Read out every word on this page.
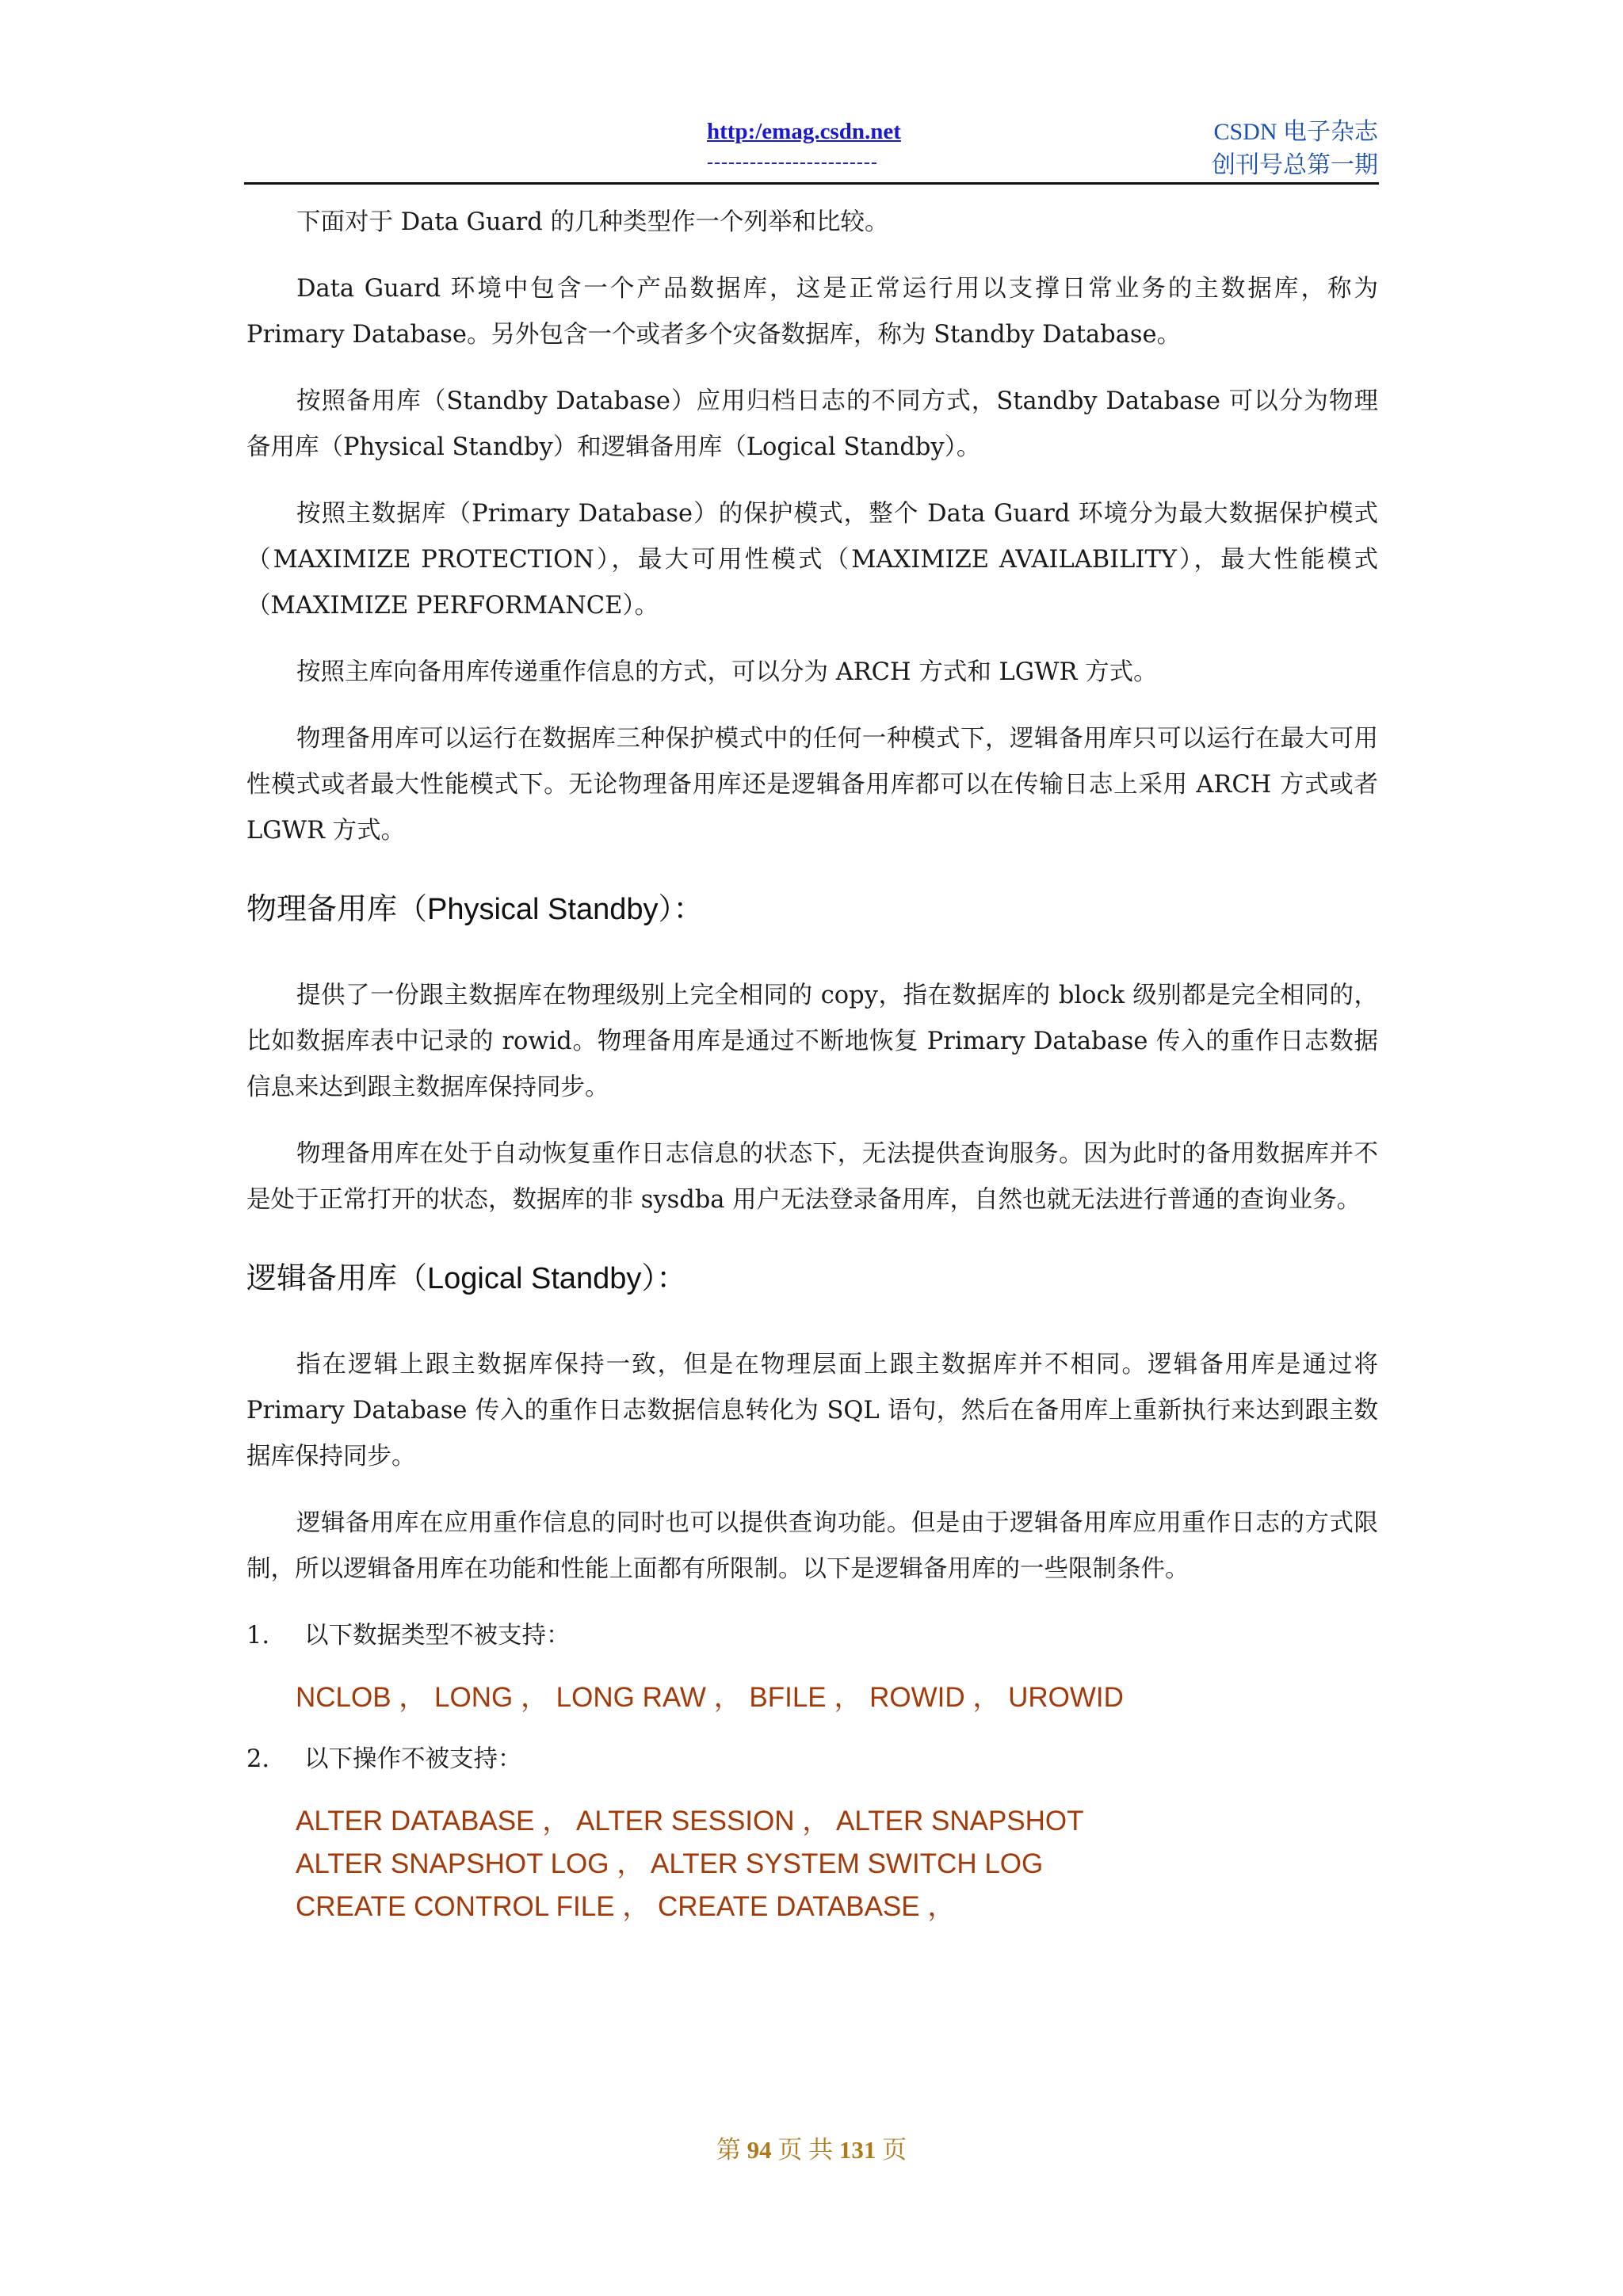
http:/emag.csdn.net
------------------------
CSDN 电子杂志
创刊号总第一期

下面对于 Data Guard 的几种类型作一个列举和比较。

Data Guard 环境中包含一个产品数据库，这是正常运行用以支撑日常业务的主数据库，称为 Primary Database。另外包含一个或者多个灾备数据库，称为 Standby Database。

按照备用库（Standby Database）应用归档日志的不同方式，Standby Database 可以分为物理备用库（Physical Standby）和逻辑备用库（Logical Standby）。

按照主数据库（Primary Database）的保护模式，整个 Data Guard 环境分为最大数据保护模式（MAXIMIZE PROTECTION），最大可用性模式（MAXIMIZE AVAILABILITY），最大性能模式（MAXIMIZE PERFORMANCE）。

按照主库向备用库传递重作信息的方式，可以分为 ARCH 方式和 LGWR 方式。

物理备用库可以运行在数据库三种保护模式中的任何一种模式下，逻辑备用库只可以运行在最大可用性模式或者最大性能模式下。无论物理备用库还是逻辑备用库都可以在传输日志上采用 ARCH 方式或者 LGWR 方式。

物理备用库（Physical Standby）：

提供了一份跟主数据库在物理级别上完全相同的 copy，指在数据库的 block 级别都是完全相同的，比如数据库表中记录的 rowid。物理备用库是通过不断地恢复 Primary Database 传入的重作日志数据信息来达到跟主数据库保持同步。

物理备用库在处于自动恢复重作日志信息的状态下，无法提供查询服务。因为此时的备用数据库并不是处于正常打开的状态，数据库的非 sysdba 用户无法登录备用库，自然也就无法进行普通的查询业务。

逻辑备用库（Logical Standby）：

指在逻辑上跟主数据库保持一致，但是在物理层面上跟主数据库并不相同。逻辑备用库是通过将 Primary Database 传入的重作日志数据信息转化为 SQL 语句，然后在备用库上重新执行来达到跟主数据库保持同步。

逻辑备用库在应用重作信息的同时也可以提供查询功能。但是由于逻辑备用库应用重作日志的方式限制，所以逻辑备用库在功能和性能上面都有所限制。以下是逻辑备用库的一些限制条件。

1. 以下数据类型不被支持：
NCLOB ， LONG ， LONG RAW ， BFILE ， ROWID ， UROWID
2. 以下操作不被支持：
ALTER DATABASE ， ALTER SESSION ， ALTER SNAPSHOT
ALTER SNAPSHOT LOG ， ALTER SYSTEM SWITCH LOG
CREATE CONTROL FILE ， CREATE DATABASE ，
第 94 页 共 131 页
